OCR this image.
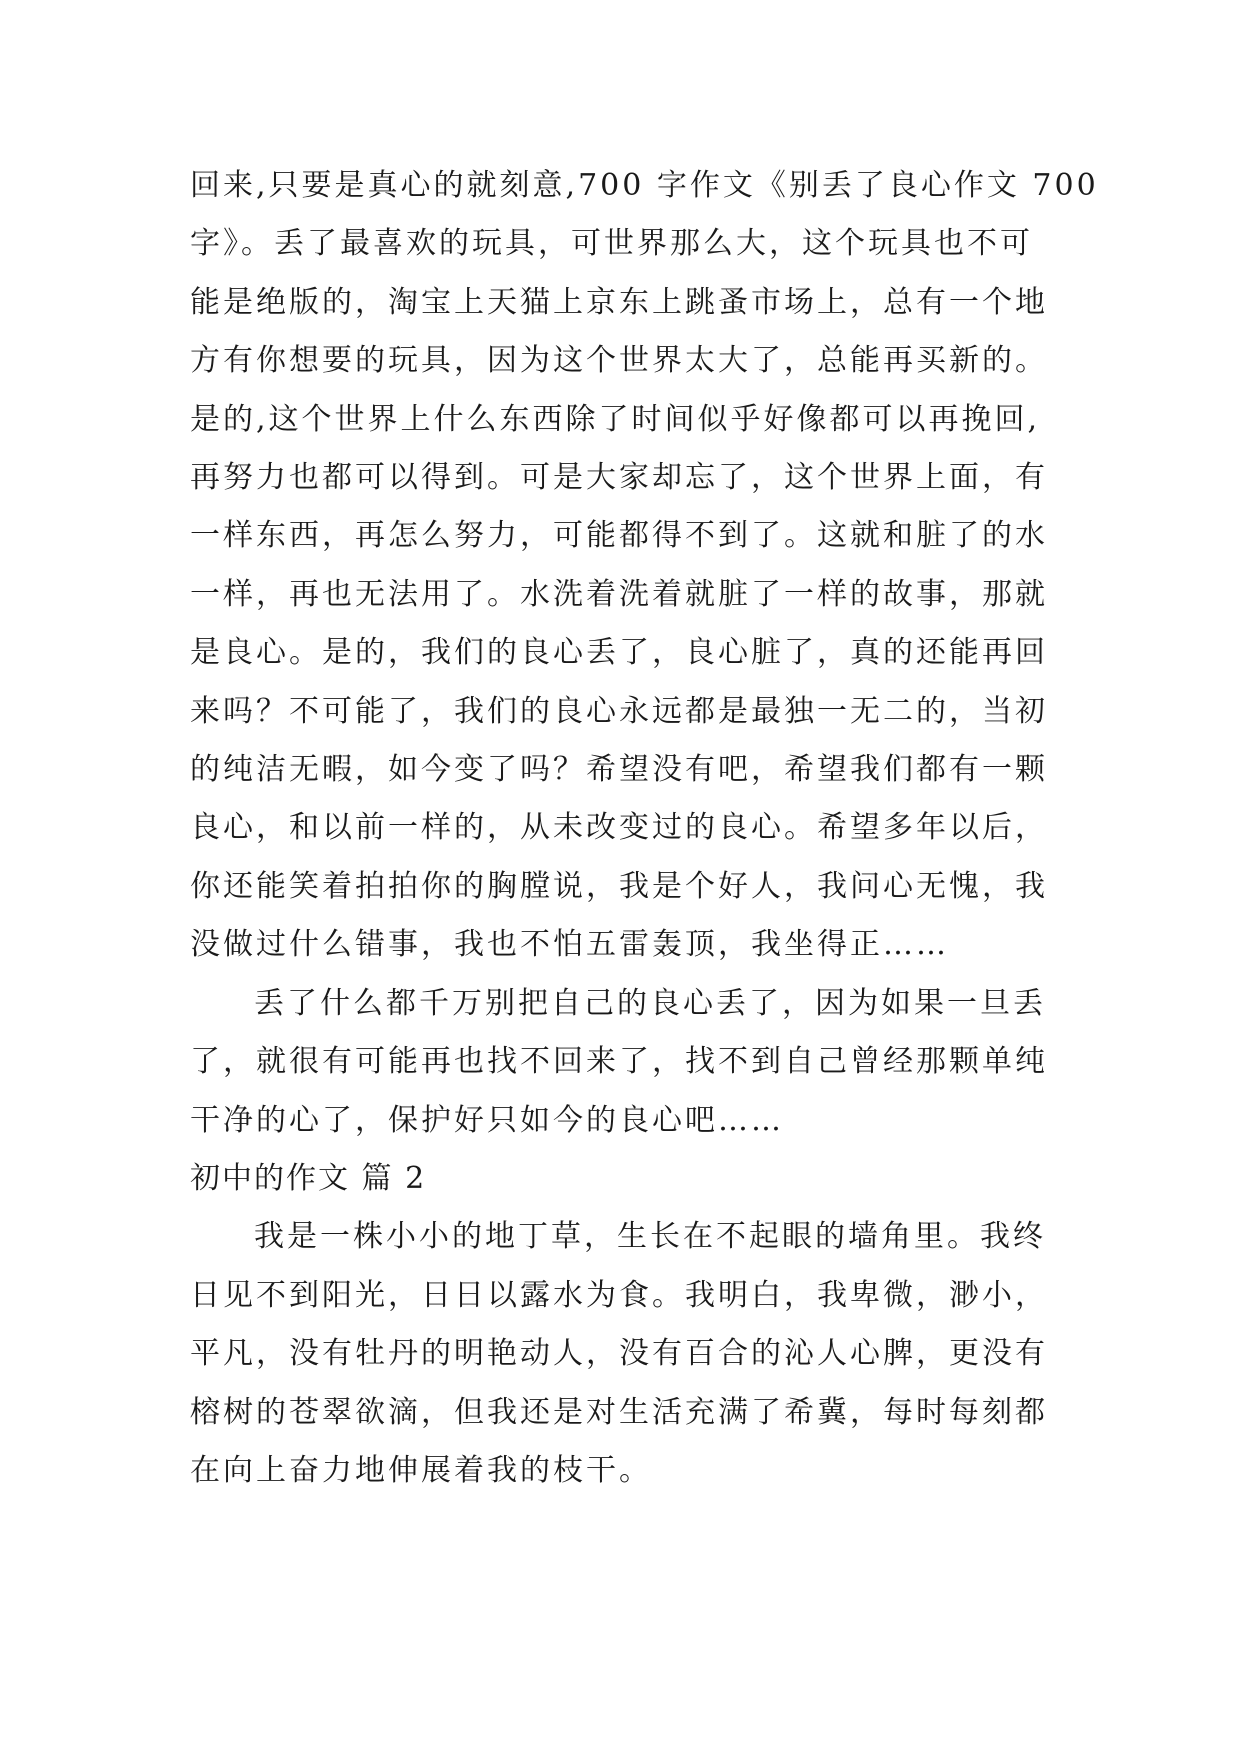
回来,只要是真心的就刻意,700 字作文《别丢了良心作文 700
字》。丢了最喜欢的玩具，可世界那么大，这个玩具也不可
能是绝版的，淘宝上天猫上京东上跳蚤市场上，总有一个地
方有你想要的玩具，因为这个世界太大了，总能再买新的。
是的,这个世界上什么东西除了时间似乎好像都可以再挽回,
再努力也都可以得到。可是大家却忘了，这个世界上面，有
一样东西，再怎么努力，可能都得不到了。这就和脏了的水
一样，再也无法用了。水洗着洗着就脏了一样的故事，那就
是良心。是的，我们的良心丢了，良心脏了，真的还能再回
来吗？不可能了，我们的良心永远都是最独一无二的，当初
的纯洁无暇，如今变了吗？希望没有吧，希望我们都有一颗
良心，和以前一样的，从未改变过的良心。希望多年以后，
你还能笑着拍拍你的胸膛说，我是个好人，我问心无愧，我
没做过什么错事，我也不怕五雷轰顶，我坐得正……

丢了什么都千万别把自己的良心丢了，因为如果一旦丢
了，就很有可能再也找不回来了，找不到自己曾经那颗单纯
干净的心了，保护好只如今的良心吧……

初中的作文 篇 2

我是一株小小的地丁草，生长在不起眼的墙角里。我终
日见不到阳光，日日以露水为食。我明白，我卑微，渺小，
平凡，没有牡丹的明艳动人，没有百合的沁人心脾，更没有
榕树的苍翠欲滴，但我还是对生活充满了希冀，每时每刻都
在向上奋力地伸展着我的枝干。
